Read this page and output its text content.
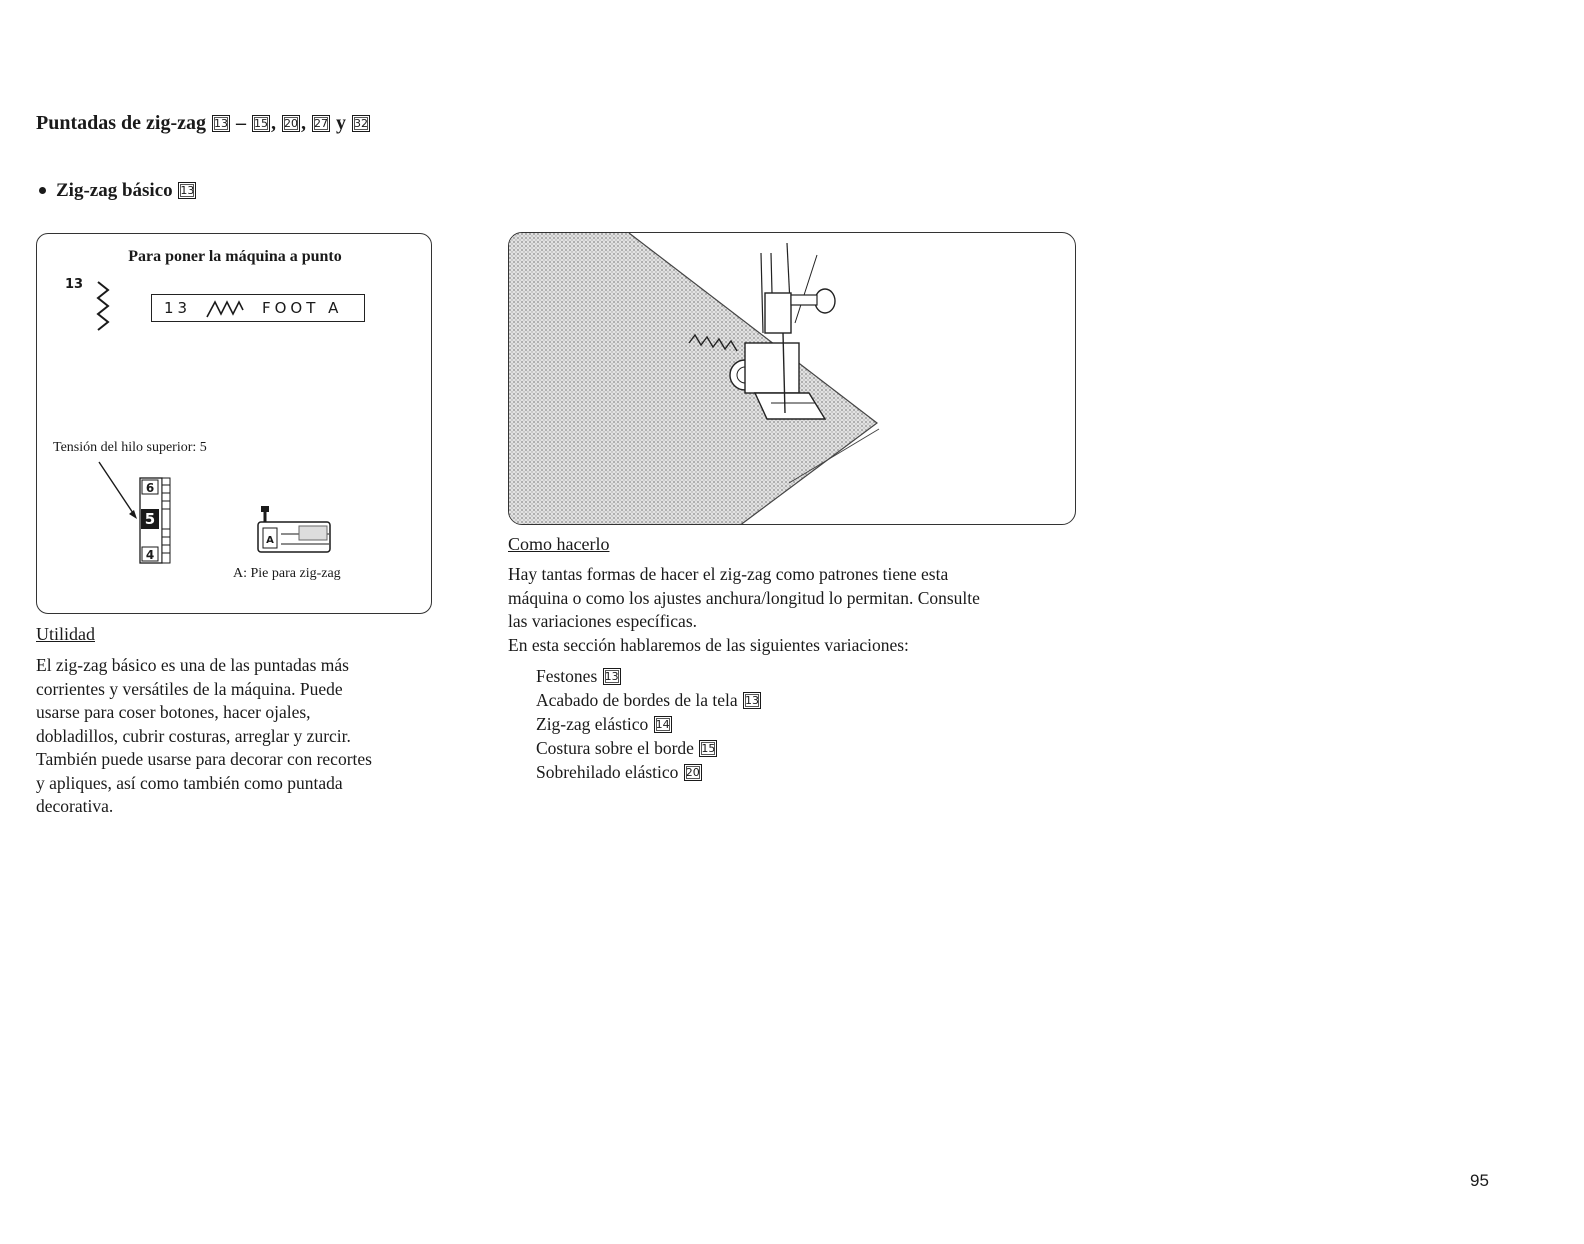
Puntadas de zig-zag 13 – 15 , 20 , 27 y 32
Zig-zag básico 13
Para poner la máquina a punto
13
13	FOOT A
Tensión del hilo superior: 5
6
5
4
A
A: Pie para zig-zag
Utilidad
El zig-zag básico es una de las puntadas más
corrientes y versátiles de la máquina. Puede
usarse para coser botones, hacer ojales,
dobladillos, cubrir costuras, arreglar y zurcir.
También puede usarse para decorar con recortes
y apliques, así como también como puntada
decorativa.
Como hacerlo
Hay tantas formas de hacer el zig-zag como patrones tiene esta
máquina o como los ajustes anchura/longitud lo permitan. Consulte
las variaciones específicas.
En esta sección hablaremos de las siguientes variaciones:
Festones 13
Acabado de bordes de la tela 13
Zig-zag elástico 14
Costura sobre el borde 15
Sobrehilado elástico 20
95
